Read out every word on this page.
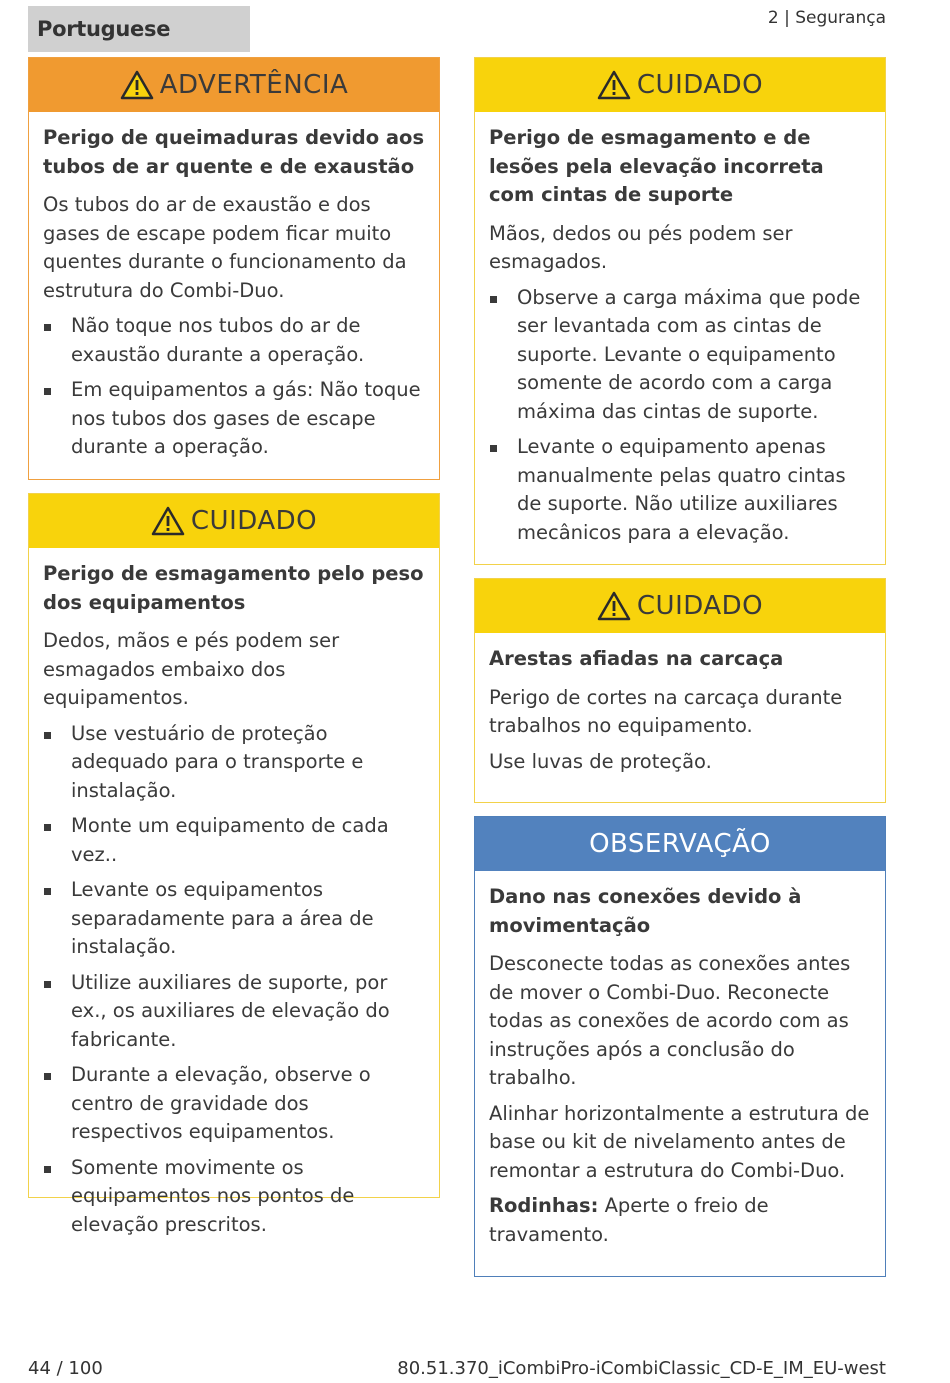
Portuguese	2 | Segurança
ADVERTÊNCIA

Perigo de queimaduras devido aos tubos de ar quente e de exaustão

Os tubos do ar de exaustão e dos gases de escape podem ficar muito quentes durante o funcionamento da estrutura do Combi-Duo.

Não toque nos tubos do ar de exaustão durante a operação.
Em equipamentos a gás: Não toque nos tubos dos gases de escape durante a operação.
CUIDADO

Perigo de esmagamento pelo peso dos equipamentos

Dedos, mãos e pés podem ser esmagados embaixo dos equipamentos.

Use vestuário de proteção adequado para o transporte e instalação.
Monte um equipamento de cada vez..
Levante os equipamentos separadamente para a área de instalação.
Utilize auxiliares de suporte, por ex., os auxiliares de elevação do fabricante.
Durante a elevação, observe o centro de gravidade dos respectivos equipamentos.
Somente movimente os equipamentos nos pontos de elevação prescritos.
CUIDADO

Perigo de esmagamento e de lesões pela elevação incorreta com cintas de suporte

Mãos, dedos ou pés podem ser esmagados.

Observe a carga máxima que pode ser levantada com as cintas de suporte. Levante o equipamento somente de acordo com a carga máxima das cintas de suporte.
Levante o equipamento apenas manualmente pelas quatro cintas de suporte. Não utilize auxiliares mecânicos para a elevação.
CUIDADO

Arestas afiadas na carcaça

Perigo de cortes na carcaça durante trabalhos no equipamento.

Use luvas de proteção.

OBSERVAÇÃO

Dano nas conexões devido à movimentação

Desconecte todas as conexões antes de mover o Combi-Duo. Reconecte todas as conexões de acordo com as instruções após a conclusão do trabalho.

Alinhar horizontalmente a estrutura de base ou kit de nivelamento antes de remontar a estrutura do Combi-Duo.

Rodinhas: Aperte o freio de travamento.

44 / 100	80.51.370_iCombiPro-iCombiClassic_CD-E_IM_EU-west
